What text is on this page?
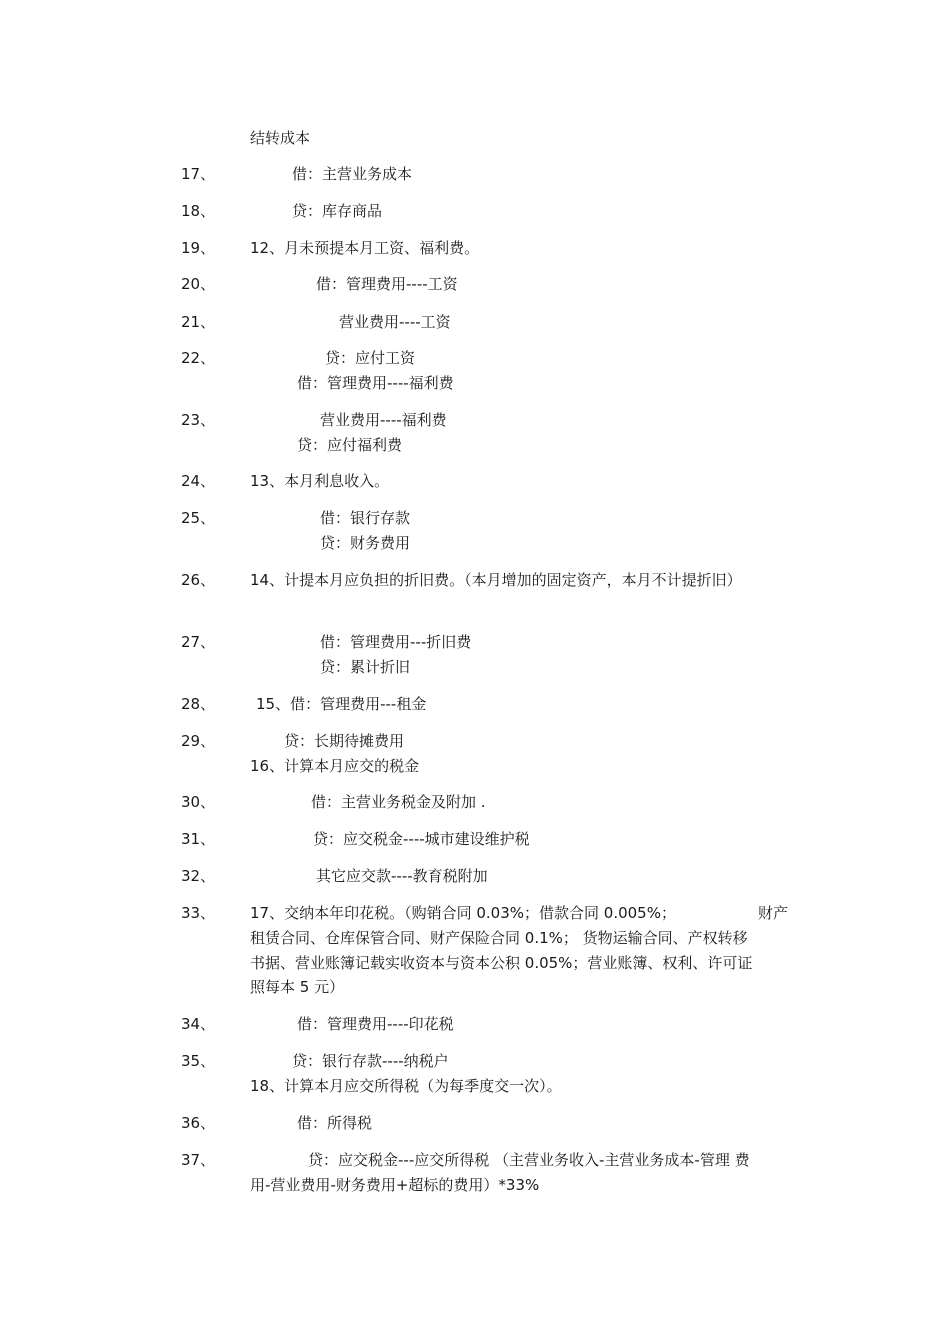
结转成本
17、	借：主营业务成本
18、	贷：库存商品
19、 12、月未预提本月工资、福利费。
20、	借：管理费用----工资
21、	营业费用----工资
22、	贷：应付工资
借：管理费用----福利费
23、	营业费用----福利费
贷：应付福利费
24、 13、本月利息收入。
25、	借：银行存款
贷：财务费用
26、 14、计提本月应负担的折旧费。（本月增加的固定资产，本月不计提折旧）
27、	借：管理费用---折旧费
贷：累计折旧
28、	15、借：管理费用---租金
29、	贷：长期待摊费用
16、计算本月应交的税金
30、	借：主营业务税金及附加 .
31、	贷：应交税金----城市建设维护税
32、	其它应交款----教育税附加
33、 17、交纳本年印花税。（购销合同 0.03%；借款合同 0.005%；	财产
租赁合同、仓库保管合同、财产保险合同 0.1%； 货物运输合同、产权转移
书据、营业账簿记载实收资本与资本公积 0.05%；营业账簿、权利、许可证
照每本 5 元）
34、	借：管理费用----印花税
35、	贷：银行存款----纳税户
18、计算本月应交所得税（为每季度交一次）。
36、	借：所得税
37、	贷：应交税金---应交所得税 （主营业务收入-主营业务成本-管理 费
用-营业费用-财务费用+超标的费用）*33%
